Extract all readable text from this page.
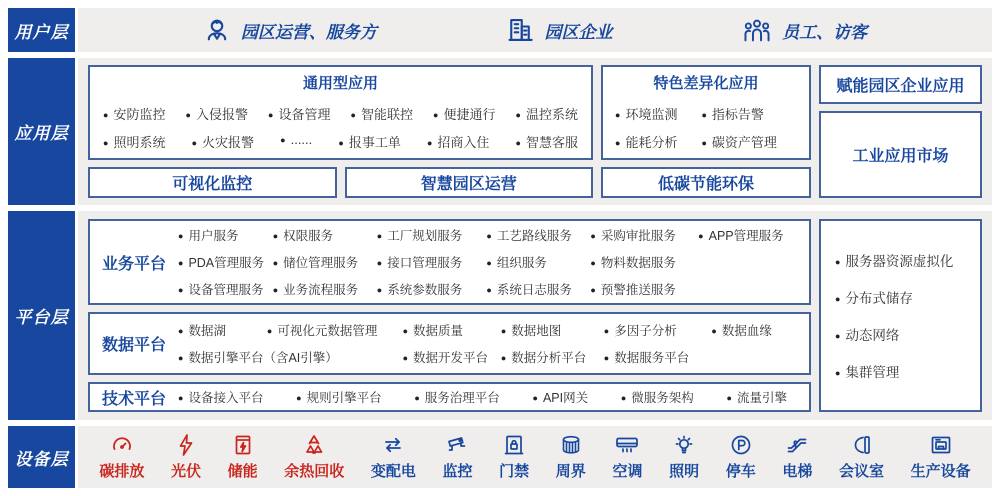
用户层	园区运营、服务方	园区企业	员工、访客
应用层
通用型应用
● 安防监控	● 入侵报警	● 设备管理	● 智能联控	● 便捷通行	● 温控系统
● 照明系统	● 火灾报警	● ......	● 报事工单	● 招商入住	● 智慧客服
可视化监控	智慧园区运营
特色差异化应用
● 环境监测	● 指标告警
● 能耗分析	● 碳资产管理
低碳节能环保
赋能园区企业应用
工业应用市场
平台层
业务平台
● 用户服务	● 权限服务	● 工厂规划服务	● 工艺路线服务	● 采购审批服务	● APP管理服务
● PDA管理服务	● 储位管理服务	● 接口管理服务	● 组织服务	● 物料数据服务
● 设备管理服务	● 业务流程服务	● 系统参数服务	● 系统日志服务	● 预警推送服务
数据平台
● 数据湖	● 可视化元数据管理	● 数据质量	● 数据地图	● 多因子分析	● 数据血缘
● 数据引擎平台（含AI引擎）	● 数据开发平台	● 数据分析平台	● 数据服务平台
技术平台	● 设备接入平台	● 规则引擎平台	● 服务治理平台	● API网关	● 微服务架构	● 流量引擎
● 服务器资源虚拟化
● 分布式储存
● 动态网络
● 集群管理
设备层
碳排放 光伏 储能 余热回收 变配电 监控 门禁 周界 空调 照明 停车 电梯 会议室 生产设备
